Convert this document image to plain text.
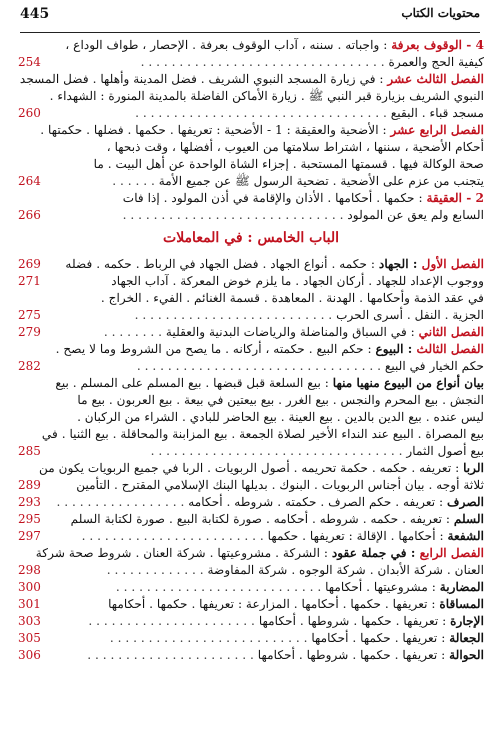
445	محتويات الكتاب
4 - الوقوف بعرفة : واجباته . سننه ، آداب الوقوف بعرفة . الإحصار ، طواف الوداع ،
كيفية الحج والعمرة . . . . . . . . . . . . . . . . . . . . . . . . . . . . . . . .
254
الفصل الثالث عشر : في زيارة المسجد النبوي الشريف . فضل المدينة وأهلها . فضل المسجد
النبوي الشريف بزيارة قبر النبي ﷺ . زيارة الأماكن الفاضلة بالمدينة المنورة : الشهداء .
مسجد قباء . البقيع . . . . . . . . . . . . . . . . . . . . . . . . . . . . . . . . .
260
الفصل الرابع عشر : الأضحية والعقيقة : 1 - الأضحية : تعريفها . حكمها . فضلها . حكمتها .
أحكام الأضحية ، سننها ، اشتراط سلامتها من العيوب ، أفضلها ، وقت ذبحها ،
صحة الوكالة فيها . قسمتها المستحبة . إجزاء الشاة الواحدة عن أهل البيت . ما
يتجنب من عزم على الأضحية . تضحية الرسول ﷺ عن جميع الأمة . . . . . .
264
2 - العقيقة : حكمها . أحكامها . الأذان والإقامة في أذن المولود . إذا فات
السابع ولم يعق عن المولود . . . . . . . . . . . . . . . . . . . . . . . . . . . . .
266
الباب الخامس : في المعاملات
الفصل الأول : الجهاد : حكمه . أنواع الجهاد . فضل الجهاد في الرباط . حكمه . فضله
269
ووجوب الإعداد للجهاد . أركان الجهاد . ما يلزم خوض المعركة . آداب الجهاد
271
في عقد الذمة وأحكامها . الهدنة . المعاهدة . قسمة الغنائم . الفيء . الخراج .
الجزية . النفل . أسرى الحرب . . . . . . . . . . . . . . . . . . . . . . . . . .
275
الفصل الثاني : في السباق والمناضلة والرياضات البدنية والعقلية . . . . . . . .
279
الفصل الثالث : البيوع : حكم البيع . حكمته ، أركانه . ما يصح من الشروط وما لا يصح .
حكم الخيار في البيع . . . . . . . . . . . . . . . . . . . . . . . . . . . . . . . .
282
بيان أنواع من البيوع منهيا منها : بيع السلعة قبل قبضها . بيع المسلم على المسلم . بيع
النجش . بيع المحرم والنجس . بيع الغرر . بيع بيعتين في بيعة . بيع العربون . بيع ما
ليس عنده . بيع الدين بالدين . بيع العينة . بيع الحاضر للبادي . الشراء من الركبان .
بيع المصراة . البيع عند النداء الأخير لصلاة الجمعة . بيع المزابنة والمحاقلة . بيع الثنيا . في
بيع أصول الثمار . . . . . . . . . . . . . . . . . . . . . . . . . . . . . . . . .
285
الربا : تعريفه . حكمه . حكمة تحريمه . أصول الربويات . الربا في جميع الربويات يكون من
ثلاثة أوجه . بيان أجناس الربويات . البنوك . بديلها البنك الإسلامي المقترح . التأمين
289
الصرف : تعريفه . حكم الصرف . حكمته . شروطه . أحكامه . . . . . . . . . . . . . . . . .
293
السلم : تعريفه . حكمه . شروطه . أحكامه . صورة لكتابة البيع . صورة لكتابة السلم
295
الشفعة : أحكامها . الإقالة : تعريفها . حكمها . . . . . . . . . . . . . . . . . . . . . . . .
297
الفصل الرابع : في جملة عقود : الشركة . مشروعيتها . شركة العنان . شروط صحة شركة
العنان . شركة الأبدان . شركة الوجوه . شركة المفاوضة . . . . . . . . . . . . .
298
المضاربة : مشروعيتها . أحكامها . . . . . . . . . . . . . . . . . . . . . . . . . . .
300
المساقاة : تعريفها . حكمها . أحكامها . المزارعة : تعريفها . حكمها . أحكامها
301
الإجارة : تعريفها . حكمها . شروطها . أحكامها . . . . . . . . . . . . . . . . . . . . . .
303
الجعالة : تعريفها . حكمها . أحكامها . . . . . . . . . . . . . . . . . . . . . . . . . .
305
الحوالة : تعريفها . حكمها . شروطها . أحكامها . . . . . . . . . . . . . . . . . . . . . .
306
